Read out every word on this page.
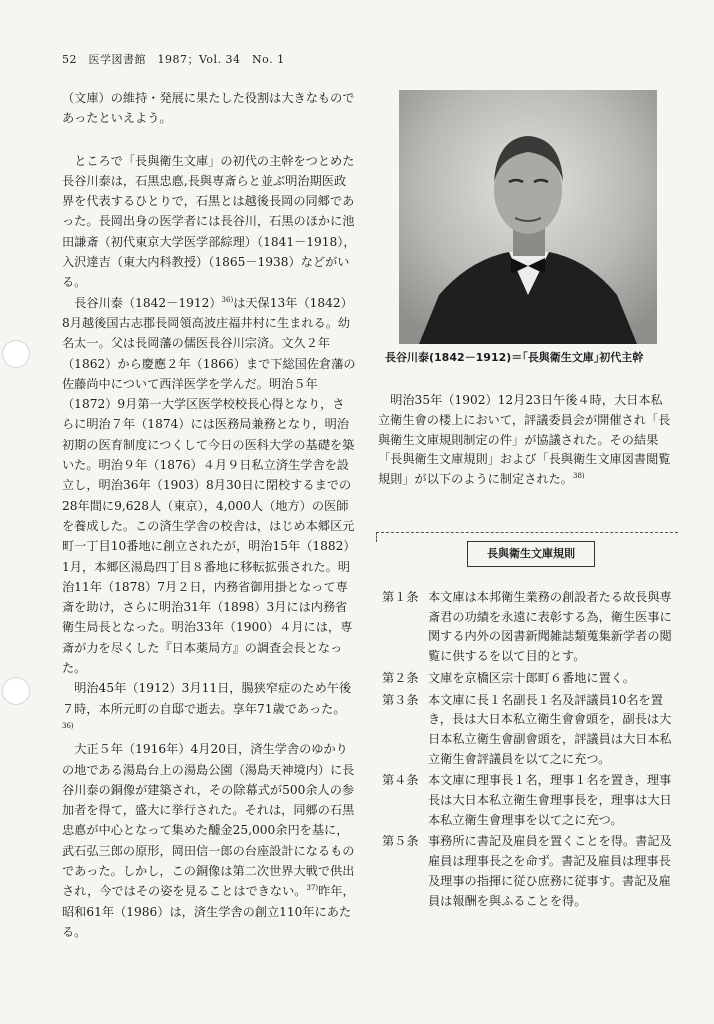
52　医学図書館　1987；Vol. 34　No. 1

（文庫）の維持・発展に果たした役割は大きなものであったといえよう。

ところで「長與衛生文庫」の初代の主幹をつとめた長谷川泰は，石黒忠悳,長與専斎らと並ぶ明治期医政界を代表するひとりで，石黒とは越後長岡の同郷であった。長岡出身の医学者には長谷川，石黒のほかに池田謙斎（初代東京大学医学部綜理）（1841－1918），入沢達吉（東大内科教授）（1865－1938）などがいる。

長谷川泰$(1842-1912)^{36)}$は天保13年（1842）8月越後国古志郡長岡領高波庄福井村に生まれる。幼名太一。父は長岡藩の儒医長谷川宗済。文久２年（1862）から慶應２年（1866）まで下総国佐倉藩の佐藤尚中について西洋医学を学んだ。明治５年（1872）9月第一大学区医学校校長心得となり，さらに明治７年（1874）には医務局兼務となり，明治初期の医育制度につくして今日の医科大学の基礎を築いた。明治９年（1876）４月９日私立済生学舎を設立し，明治36年（1903）8月30日に閉校するまでの28年間に9,628人（東京），4,000人（地方）の医師を養成した。この済生学舎の校舎は，はじめ本郷区元町一丁目10番地に創立されたが，明治15年（1882）1月，本郷区湯島四丁目８番地に移転拡張された。明治11年（1878）7月２日，内務省御用掛となって専斎を助け，さらに明治31年（1898）3月には内務省衛生局長となった。明治33年（1900）４月には，専斎が力を尽くした『日本薬局方』の調査会長となった。

明治45年（1912）3月11日，腸狭窄症のため午後７時，本所元町の自邸で逝去。享年71歳であった。$^{36)}$

大正５年（1916年）4月20日，済生学舎のゆかりの地である湯島台上の湯島公園（湯島天神境内）に長谷川泰の銅像が建築され，その除幕式が500余人の参加者を得て，盛大に挙行された。それは，同郷の石黒忠悳が中心となって集めた醵金25,000余円を基に，武石弘三郎の原形，岡田信一郎の台座設計になるものであった。しかし，この銅像は第二次世界大戦で供出され，今ではその姿を見ることはできない。$^{37)}$昨年，昭和61年（1986）は，済生学舎の創立110年にあたる。

長谷川泰(1842－1912)＝｢長與衛生文庫｣初代主幹

明治35年（1902）12月23日午後４時，大日本私立衛生會の楼上において，評議委員会が開催され「長與衛生文庫規則制定の件」が協議された。その結果「長與衛生文庫規則」および「長與衛生文庫図書閲覧規則」が以下のように制定された。$^{38)}$

長與衛生文庫規則
第１条 本文庫は本邦衛生業務の創設者たる故長與専斎君の功績を永遠に表彰する為，衛生医事に関する内外の図書新聞雑誌類蒐集新学者の閲覧に供するを以て目的とす。
第２条 文庫を京橋区宗十郎町６番地に置く。
第３条 本文庫に長１名副長１名及評議員10名を置き，長は大日本私立衛生會會頭を，副長は大日本私立衛生會副會頭を，評議員は大日本私立衛生會評議員を以て之に充つ。
第４条 本文庫に理事長１名，理事１名を置き，理事長は大日本私立衛生會理事長を，理事は大日本私立衛生會理事を以て之に充つ。
第５条 事務所に書記及雇員を置くことを得。書記及雇員は理事長之を命ず。書記及雇員は理事長及理事の指揮に従ひ庶務に従事す。書記及雇員は報酬を與ふることを得。
